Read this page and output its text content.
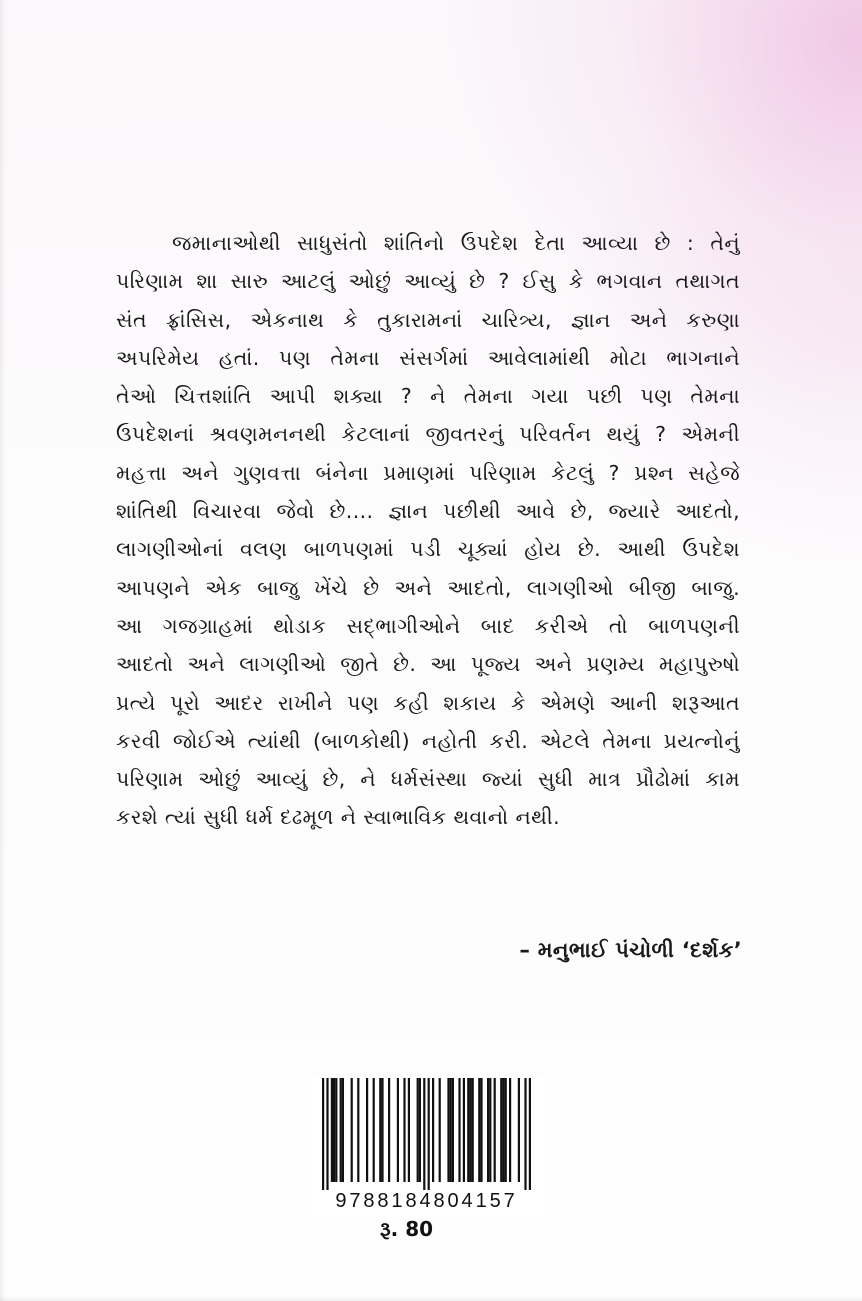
જમાનાઓથી સાધુસંતો શાંતિનો ઉપદેશ દેતા આવ્યા છે : તેનું
પરિણામ શા સારુ આટલું ઓછું આવ્યું છે ? ઈસુ કે ભગવાન તથાગત
સંત ફ્રાંસિસ, એકનાથ કે તુકારામનાં ચારિત્ર્ય, જ્ઞાન અને કરુણા
અપરિમેય હતાં. પણ તેમના સંસર્ગમાં આવેલામાંથી મોટા ભાગનાને
તેઓ ચિત્તશાંતિ આપી શક્યા ? ને તેમના ગયા પછી પણ તેમના
ઉપદેશનાં શ્રવણમનનથી કેટલાનાં જીવતરનું પરિવર્તન થયું ? એમની
મહત્તા અને ગુણવત્તા બંનેના પ્રમાણમાં પરિણામ કેટલું ? પ્રશ્ન સહેજે
શાંતિથી વિચારવા જેવો છે.... જ્ઞાન પછીથી આવે છે, જ્યારે આદતો,
લાગણીઓનાં વલણ બાળપણમાં પડી ચૂક્યાં હોય છે. આથી ઉપદેશ
આપણને એક બાજુ ખેંચે છે અને આદતો, લાગણીઓ બીજી બાજુ.
આ ગજગ્રાહમાં થોડાક સદ્ભાગીઓને બાદ કરીએ તો બાળપણની
આદતો અને લાગણીઓ જીતે છે. આ પૂજ્ય અને પ્રણમ્ય મહાપુરુષો
પ્રત્યે પૂરો આદર રાખીને પણ કહી શકાય કે એમણે આની શરૂઆત
કરવી જોઈએ ત્યાંથી (બાળકોથી) નહોતી કરી. એટલે તેમના પ્રયત્નોનું
પરિણામ ઓછું આવ્યું છે, ને ધર્મસંસ્થા જ્યાં સુધી માત્ર પ્રૌઢોમાં કામ
કરશે ત્યાં સુધી ધર્મ દઢમૂળ ને સ્વાભાવિક થવાનો નથી.
– મનુભાઈ પંચોળી ‘દર્શક’
9788184804157
રૂ. 80
